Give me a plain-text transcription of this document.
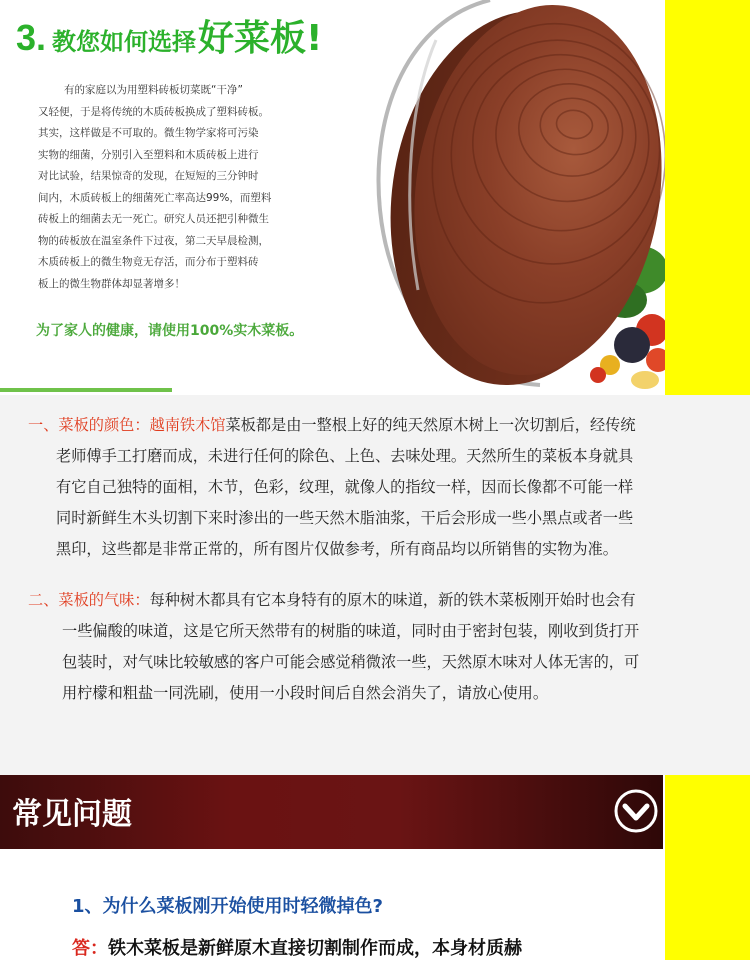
3. 教您如何选择好菜板!
有的家庭以为用塑料砖板切菜既“干净”
又轻便，于是将传统的木质砖板换成了塑料砖板。
其实，这样做是不可取的。微生物学家将可污染
实物的细菌，分别引入至塑料和木质砖板上进行
对比试验，结果惊奇的发现，在短短的三分钟时
间内，木质砖板上的细菌死亡率高达99%，而塑料
砖板上的细菌去无一死亡。研究人员还把引种微生
物的砖板放在温室条件下过夜，第二天早晨检测，
木质砖板上的微生物竟无存活，而分布于塑料砖
板上的微生物群体却显著增多！
为了家人的健康，请使用100%实木菜板。
一、菜板的颜色：越南铁木馆菜板都是由一整根上好的纯天然原木树上一次切割后，经传统
老师傅手工打磨而成，未进行任何的除色、上色、去味处理。天然所生的菜板本身就具
有它自己独特的面相，木节，色彩，纹理，就像人的指纹一样，因而长像都不可能一样
同时新鲜生木头切割下来时渗出的一些天然木脂油浆，干后会形成一些小黑点或者一些
黑印，这些都是非常正常的，所有图片仅做参考，所有商品均以所销售的实物为准。
二、菜板的气味：每种树木都具有它本身特有的原木的味道，新的铁木菜板刚开始时也会有
一些偏酸的味道，这是它所天然带有的树脂的味道，同时由于密封包装，刚收到货打开
包装时，对气味比较敏感的客户可能会感觉稍微浓一些，天然原木味对人体无害的，可
用柠檬和粗盐一同洗刷，使用一小段时间后自然会消失了，请放心使用。
常见问题
1、为什么菜板刚开始使用时轻微掉色?
答：铁木菜板是新鲜原木直接切割制作而成，本身材质赫
